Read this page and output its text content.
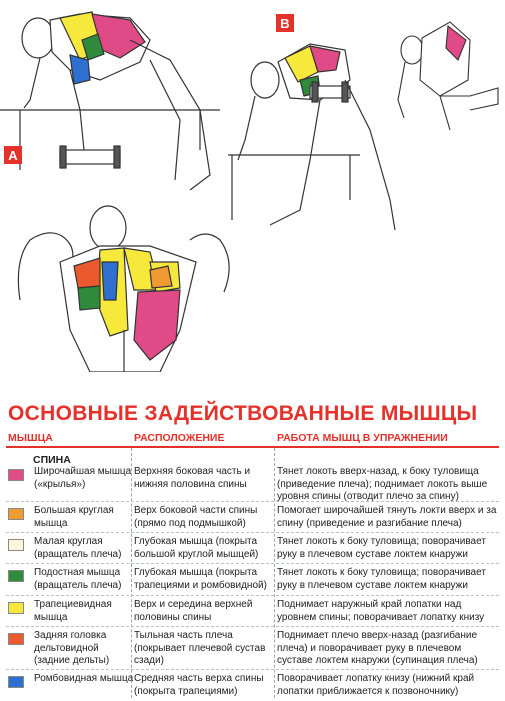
А
В
ОСНОВНЫЕ ЗАДЕЙСТВОВАННЫЕ МЫШЦЫ
МЫШЦА	РАСПОЛОЖЕНИЕ	РАБОТА МЫШЦ В УПРАЖНЕНИИ
СПИНА
Широчайшая мышца («крылья»)
Верхняя боковая часть и нижняя половина спины
Тянет локоть вверх-назад, к боку туловища (приведение плеча); поднимает локоть выше уровня спины (отводит плечо за спину)
Большая круглая мышца
Верх боковой части спины (прямо под подмышкой)
Помогает широчайшей тянуть локти вверх и за спину (приведение и разгибание плеча)
Малая круглая (вращатель плеча)
Глубокая мышца (покрыта большой круглой мышцей)
Тянет локоть к боку туловища; поворачивает руку в плечевом суставе локтем кнаружи
Подостная мышца (вращатель плеча)
Глубокая мышца (покрыта трапециями и ромбовидной)
Тянет локоть к боку туловища; поворачивает руку в плечевом суставе локтем кнаружи
Трапециевидная мышца
Верх и середина верхней половины спины
Поднимает наружный край лопатки над уровнем спины; поворачивает лопатку книзу
Задняя головка дельтовидной (задние дельты)
Тыльная часть плеча (покрывает плечевой сустав сзади)
Поднимает плечо вверх-назад (разгибание плеча) и поворачивает руку в плечевом суставе локтем кнаружи (супинация плеча)
Ромбовидная мышца Средняя часть верха спины (покрыта трапециями)
Поворачивает лопатку книзу (нижний край лопатки приближается к позвоночнику)
